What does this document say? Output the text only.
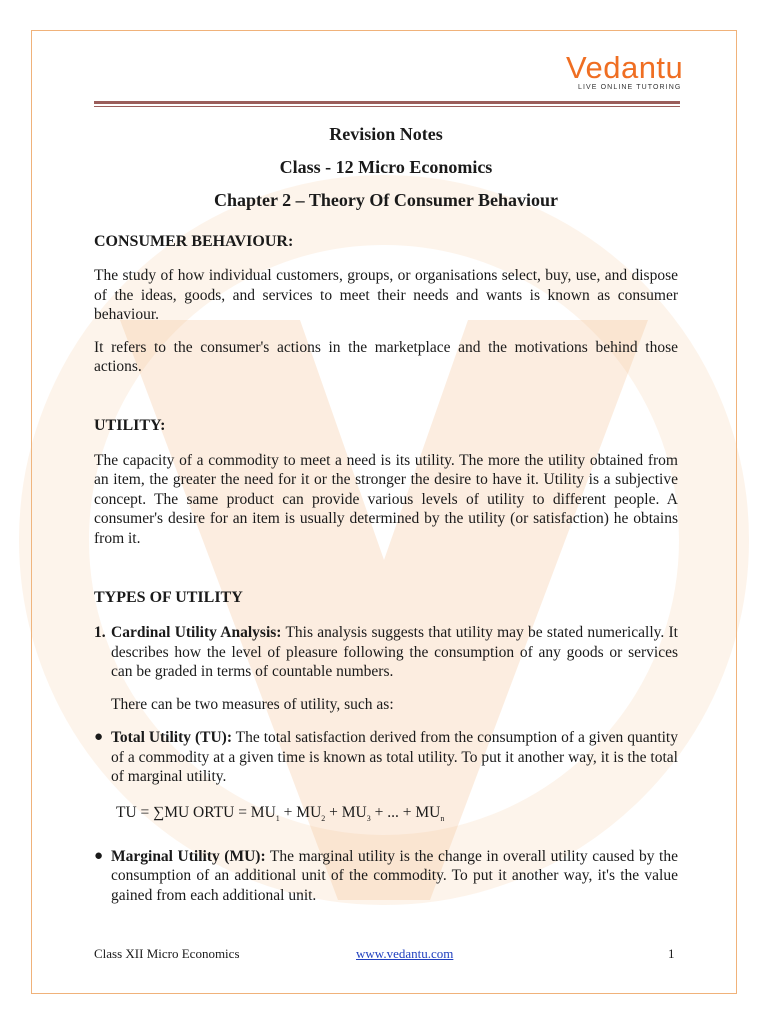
Vedantu
LIVE ONLINE TUTORING
Revision Notes
Class - 12 Micro Economics
Chapter 2 – Theory Of Consumer Behaviour
CONSUMER BEHAVIOUR:

The study of how individual customers, groups, or organisations select, buy, use, and dispose of the ideas, goods, and services to meet their needs and wants is known as consumer behaviour.

It refers to the consumer's actions in the marketplace and the motivations behind those actions.

UTILITY:

The capacity of a commodity to meet a need is its utility. The more the utility obtained from an item, the greater the need for it or the stronger the desire to have it. Utility is a subjective concept. The same product can provide various levels of utility to different people. A consumer's desire for an item is usually determined by the utility (or satisfaction) he obtains from it.

TYPES OF UTILITY
1. Cardinal Utility Analysis: This analysis suggests that utility may be stated numerically. It describes how the level of pleasure following the consumption of any goods or services can be graded in terms of countable numbers.

There can be two measures of utility, such as:

● Total Utility (TU): The total satisfaction derived from the consumption of a given quantity of a commodity at a given time is known as total utility. To put it another way, it is the total of marginal utility.

TU = ∑MU ORTU = $MU_1 + MU_2 + MU_3$ + ... + $MU_n$
● Marginal Utility (MU): The marginal utility is the change in overall utility caused by the consumption of an additional unit of the commodity. To put it another way, it's the value gained from each additional unit.

Class XII Micro Economics	www.vedantu.com	1
